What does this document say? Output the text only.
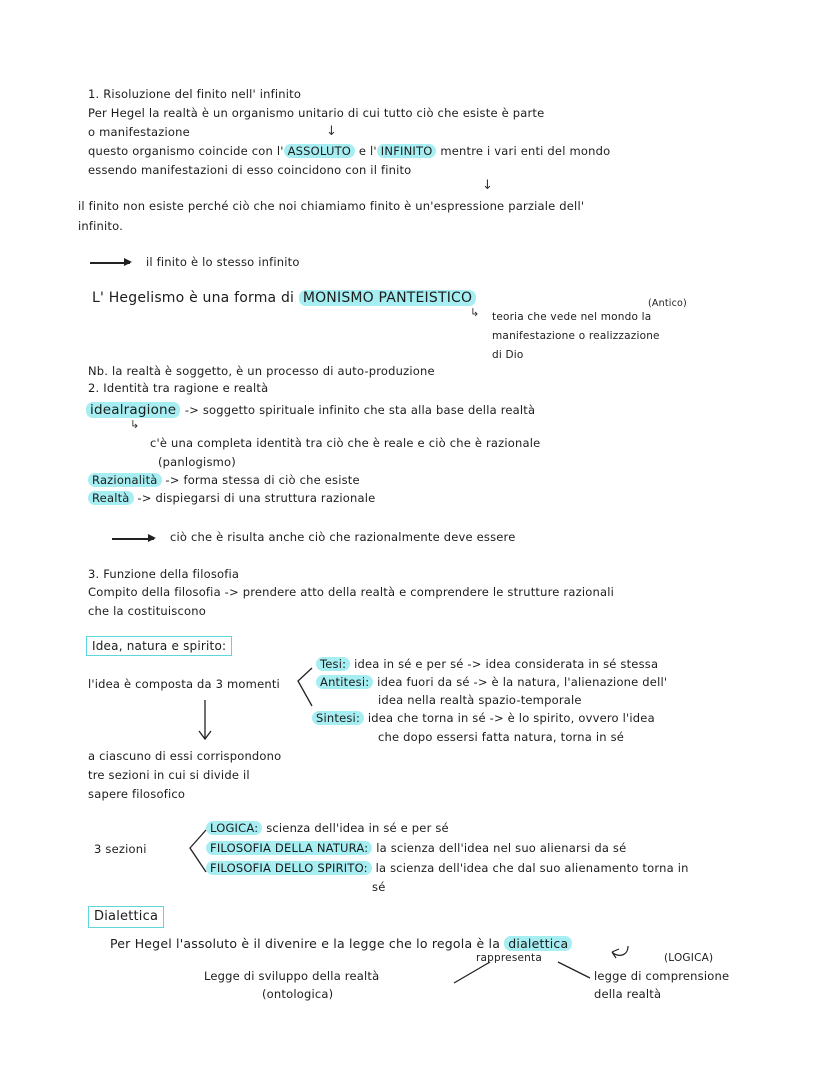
1. Risoluzione del finito nell' infinito
Per Hegel la realtà è un organismo unitario di cui tutto ciò che esiste è parte
o manifestazione	↓
questo organismo coincide con l' ASSOLUTO e l' INFINITO mentre i vari enti del mondo
essendo manifestazioni di esso coincidono con il finito
↓
il finito non esiste perché ciò che noi chiamiamo finito è un'espressione parziale dell'
infinito.
il finito è lo stesso infinito
L' Hegelismo è una forma di MONISMO PANTEISTICO
↳
(Antico)
teoria che vede nel mondo la
manifestazione o realizzazione
di Dio
Nb. la realtà è soggetto, è un processo di auto-produzione
2. Identità tra ragione e realtà
idealragione -> soggetto spirituale infinito che sta alla base della realtà
↳
c'è una completa identità tra ciò che è reale e ciò che è razionale
(panlogismo)
Razionalità -> forma stessa di ciò che esiste
Realtà -> dispiegarsi di una struttura razionale
ciò che è risulta anche ciò che razionalmente deve essere
3. Funzione della filosofia
Compito della filosofia -> prendere atto della realtà e comprendere le strutture razionali
che la costituiscono
Idea, natura e spirito:
l'idea è composta da 3 momenti
Tesi: idea in sé e per sé -> idea considerata in sé stessa
Antitesi: idea fuori da sé -> è la natura, l'alienazione dell'
idea nella realtà spazio-temporale
Sintesi: idea che torna in sé -> è lo spirito, ovvero l'idea
che dopo essersi fatta natura, torna in sé
a ciascuno di essi corrispondono
tre sezioni in cui si divide il
sapere filosofico
3 sezioni
LOGICA: scienza dell'idea in sé e per sé
FILOSOFIA DELLA NATURA: la scienza dell'idea nel suo alienarsi da sé
FILOSOFIA DELLO SPIRITO: la scienza dell'idea che dal suo alienamento torna in
sé
Dialettica
Per Hegel l'assoluto è il divenire e la legge che lo regola è la dialettica
rappresenta	(LOGICA)
Legge di sviluppo della realtà
(ontologica)
legge di comprensione
della realtà
